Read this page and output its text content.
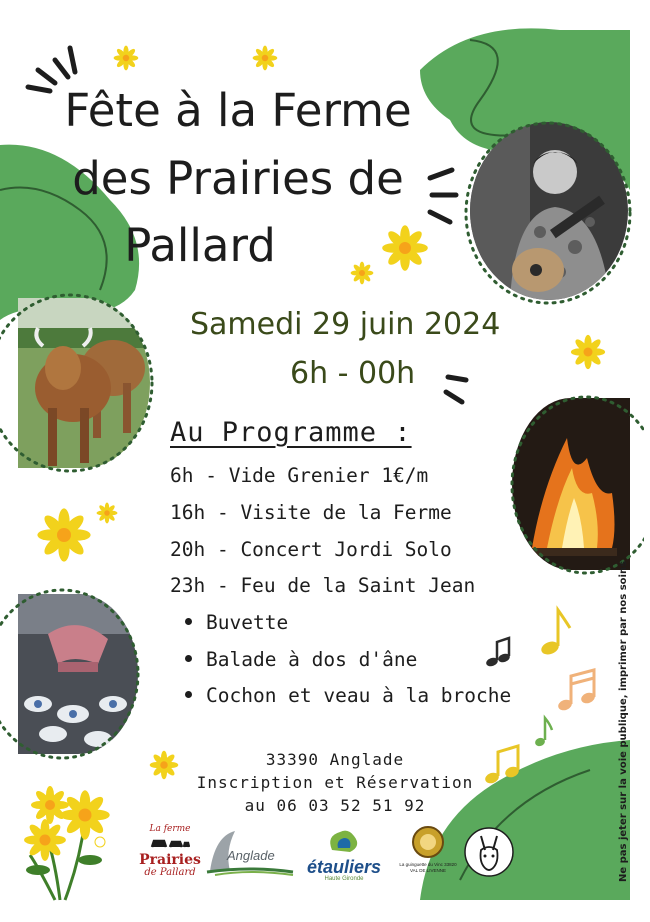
Fête à la Ferme
des Prairies de
Pallard
Samedi 29 juin 2024
6h - 00h
Au Programme :
6h - Vide Grenier 1€/m
16h - Visite de la Ferme
20h - Concert Jordi Solo
23h - Feu de la Saint Jean
Buvette
Balade à dos d'âne
Cochon et veau à la broche
33390 Anglade
Inscription et Réservation
au 06 03 52 51 92	Ne pas jeter sur la voie publique, imprimer par nos soins
La ferme
Prairies
de Pallard
Anglade
étauliers
Haute Gironde
La guinguette du Vinc 33820
VAL DE LIVENNE
